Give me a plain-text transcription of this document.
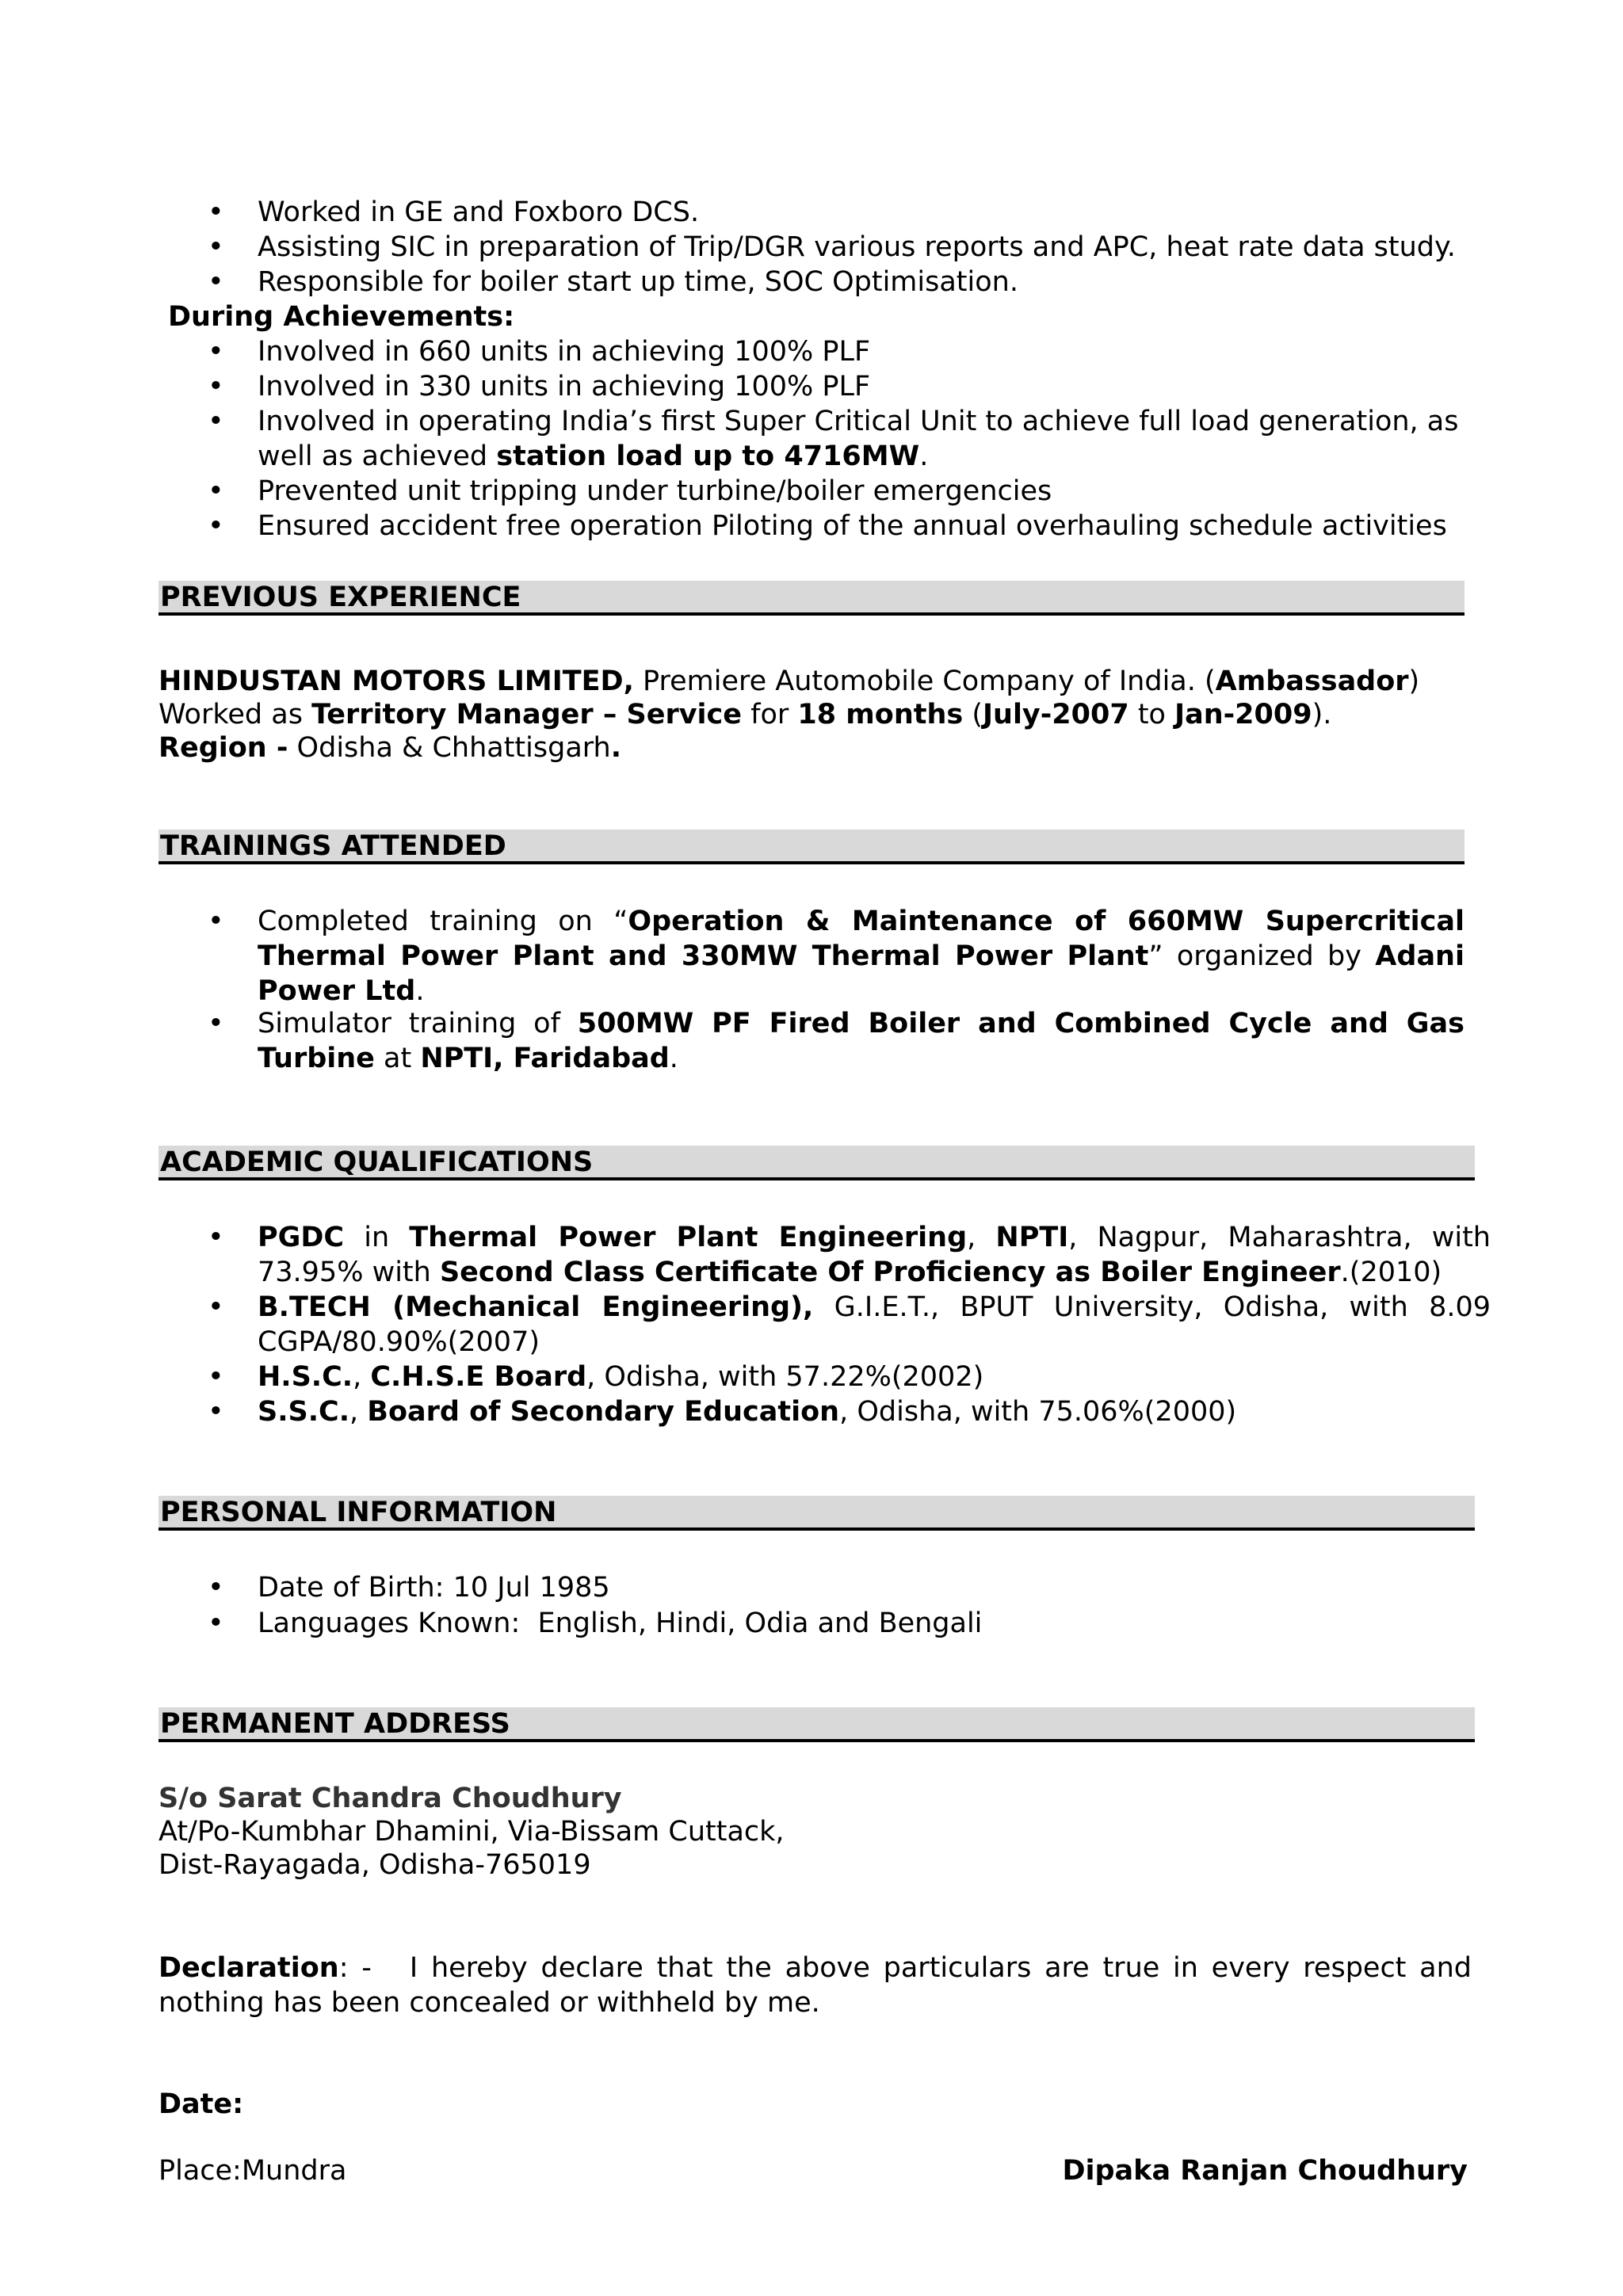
• Worked in GE and Foxboro DCS.
• Assisting SIC in preparation of Trip/DGR various reports and APC, heat rate data study.
• Responsible for boiler start up time, SOC Optimisation.
During Achievements:
• Involved in 660 units in achieving 100% PLF
• Involved in 330 units in achieving 100% PLF
• Involved in operating India’s first Super Critical Unit to achieve full load generation, as
well as achieved station load up to 4716MW.
• Prevented unit tripping under turbine/boiler emergencies
• Ensured accident free operation Piloting of the annual overhauling schedule activities
PREVIOUS EXPERIENCE
HINDUSTAN MOTORS LIMITED, Premiere Automobile Company of India. (Ambassador)
Worked as Territory Manager – Service for 18 months (July-2007 to Jan-2009).
Region - Odisha & Chhattisgarh.
TRAININGS ATTENDED
• Completed training on “Operation & Maintenance of 660MW Supercritical
Thermal Power Plant and 330MW Thermal Power Plant” organized by Adani
Power Ltd.
• Simulator training of 500MW PF Fired Boiler and Combined Cycle and Gas
Turbine at NPTI, Faridabad.
ACADEMIC QUALIFICATIONS
• PGDC in Thermal Power Plant Engineering, NPTI, Nagpur, Maharashtra, with
73.95% with Second Class Certificate Of Proficiency as Boiler Engineer.(2010)
• B.TECH (Mechanical Engineering), G.I.E.T., BPUT University, Odisha, with 8.09
CGPA/80.90%(2007)
• H.S.C., C.H.S.E Board, Odisha, with 57.22%(2002)
• S.S.C., Board of Secondary Education, Odisha, with 75.06%(2000)
PERSONAL INFORMATION
• Date of Birth: 10 Jul 1985
• Languages Known:  English, Hindi, Odia and Bengali
PERMANENT ADDRESS
S/o Sarat Chandra Choudhury
At/Po-Kumbhar Dhamini, Via-Bissam Cuttack,
Dist-Rayagada, Odisha-765019
Declaration: - I hereby declare that the above particulars are true in every respect and
nothing has been concealed or withheld by me.
Date:
Place:Mundra	Dipaka Ranjan Choudhury
